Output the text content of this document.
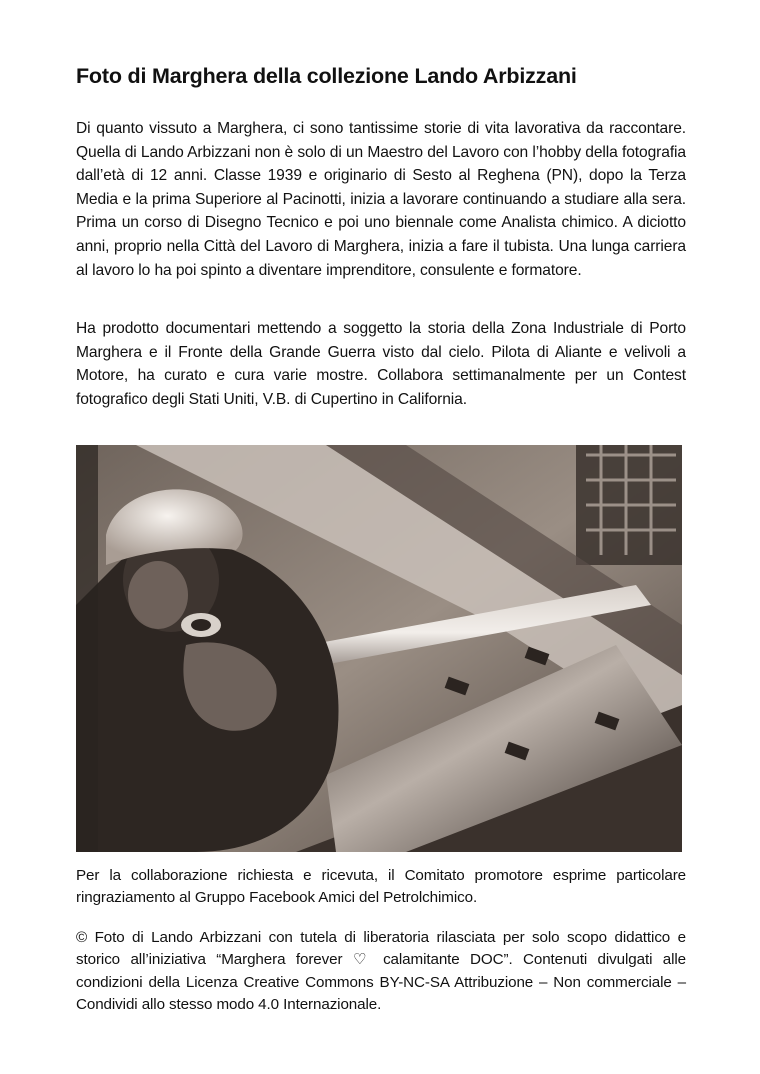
Foto di Marghera della collezione Lando Arbizzani

Di quanto vissuto a Marghera, ci sono tantissime storie di vita lavorativa da raccontare. Quella di Lando Arbizzani non è solo di un Maestro del Lavoro con l’hobby della fotografia dall’età di 12 anni. Classe 1939 e originario di Sesto al Reghena (PN), dopo la Terza Media e la prima Superiore al Pacinotti, inizia a lavorare continuando a studiare alla sera. Prima un corso di Disegno Tecnico e poi uno biennale come Analista chimico. A diciotto anni, proprio nella Città del Lavoro di Marghera, inizia a fare il tubista. Una lunga carriera al lavoro lo ha poi spinto a diventare imprenditore, consulente e formatore.

Ha prodotto documentari mettendo a soggetto la storia della Zona Industriale di Porto Marghera e il Fronte della Grande Guerra visto dal cielo. Pilota di Aliante e velivoli a Motore, ha curato e cura varie mostre. Collabora settimanalmente per un Contest fotografico degli Stati Uniti, V.B. di Cupertino in California.

Per la collaborazione richiesta e ricevuta, il Comitato promotore esprime particolare ringraziamento al Gruppo Facebook Amici del Petrolchimico.

© Foto di Lando Arbizzani con tutela di liberatoria rilasciata per solo scopo didattico e storico all’iniziativa “Marghera forever ♡ calamitante DOC”. Contenuti divulgati alle condizioni della Licenza Creative Commons BY-NC-SA Attribuzione – Non commerciale – Condividi allo stesso modo 4.0 Internazionale.
